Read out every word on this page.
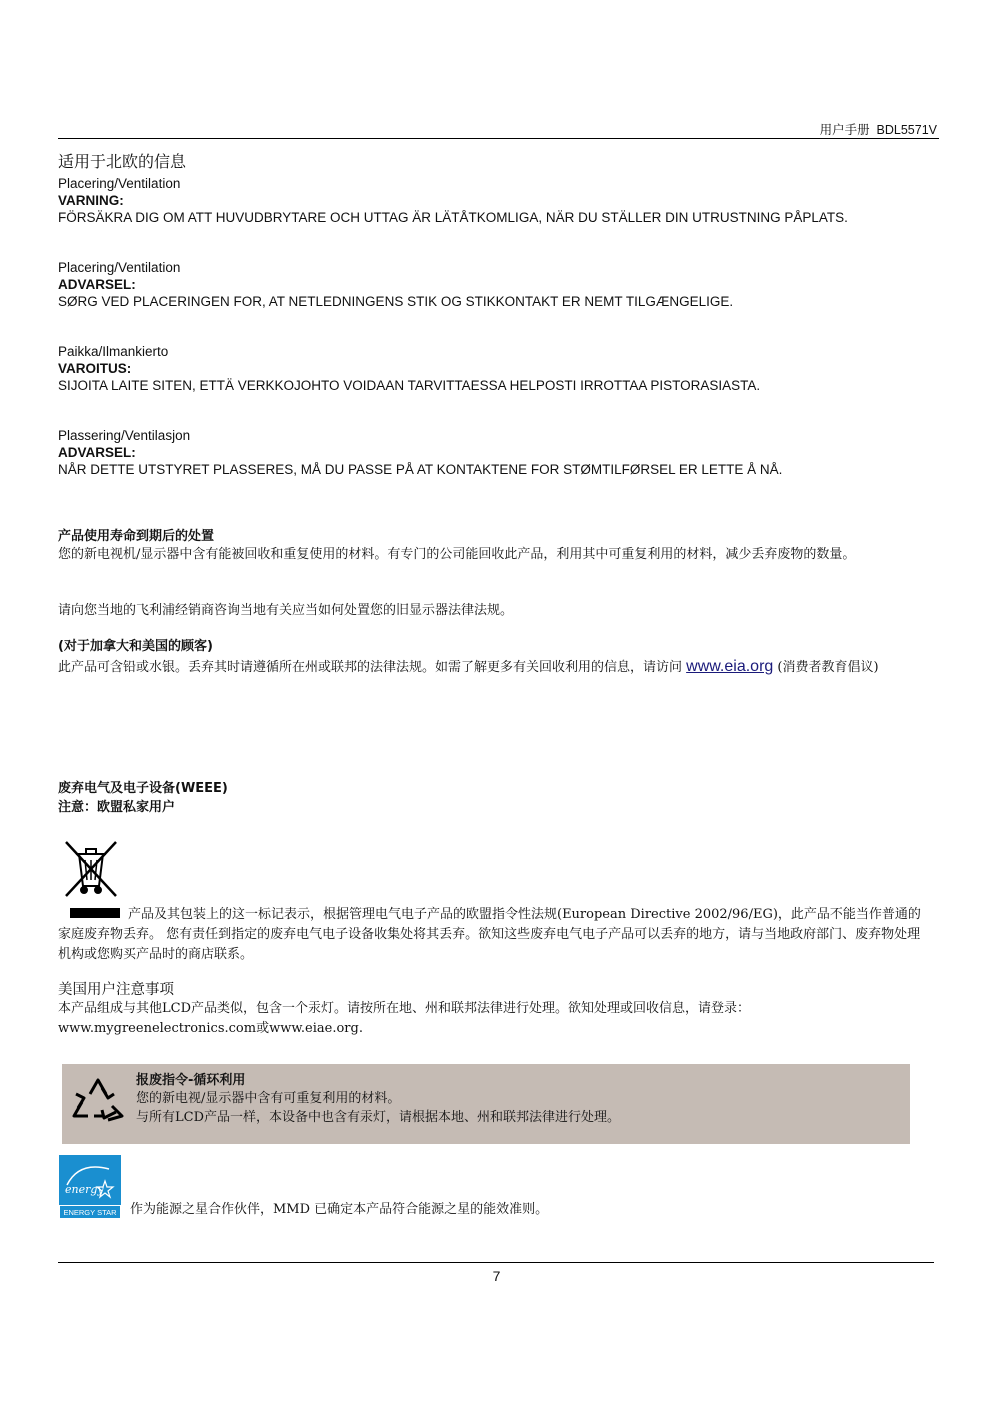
用户手册 BDL5571V
适用于北欧的信息
Placering/Ventilation
VARNING:
FÖRSÄKRA DIG OM ATT HUVUDBRYTARE OCH UTTAG ÄR LÄTÅTKOMLIGA, NÄR DU STÄLLER DIN UTRUSTNING PÅPLATS.
Placering/Ventilation
ADVARSEL:
SØRG VED PLACERINGEN FOR, AT NETLEDNINGENS STIK OG STIKKONTAKT ER NEMT TILGÆNGELIGE.
Paikka/Ilmankierto
VAROITUS:
SIJOITA LAITE SITEN, ETTÄ VERKKOJOHTO VOIDAAN TARVITTAESSA HELPOSTI IRROTTAA PISTORASIASTA.
Plassering/Ventilasjon
ADVARSEL:
NÅR DETTE UTSTYRET PLASSERES, MÅ DU PASSE PÅ AT KONTAKTENE FOR STØMTILFØRSEL ER LETTE Å NÅ.
产品使用寿命到期后的处置
您的新电视机/显示器中含有能被回收和重复使用的材料。有专门的公司能回收此产品，利用其中可重复利用的材料，减少丢弃废物的数量。
请向您当地的飞利浦经销商咨询当地有关应当如何处置您的旧显示器法律法规。
(对于加拿大和美国的顾客)
此产品可含铅或水银。丢弃其时请遵循所在州或联邦的法律法规。如需了解更多有关回收利用的信息，请访问 www.eia.org (消费者教育倡议)
废弃电气及电子设备(WEEE)
注意：欧盟私家用户
产品及其包装上的这一标记表示，根据管理电气电子产品的欧盟指令性法规(European Directive 2002/96/EG)，此产品不能当作普通的家庭废弃物丢弃。 您有责任到指定的废弃电气电子设备收集处将其丢弃。欲知这些废弃电气电子产品可以丢弃的地方，请与当地政府部门、废弃物处理机构或您购买产品时的商店联系。
美国用户注意事项
本产品组成与其他LCD产品类似，包含一个汞灯。请按所在地、州和联邦法律进行处理。欲知处理或回收信息，请登录：
www.mygreenelectronics.com或www.eiae.org.
报废指令-循环利用
您的新电视/显示器中含有可重复利用的材料。
与所有LCD产品一样，本设备中也含有汞灯，请根据本地、州和联邦法律进行处理。
energy
ENERGY STAR 作为能源之星合作伙伴，MMD 已确定本产品符合能源之星的能效准则。
7
